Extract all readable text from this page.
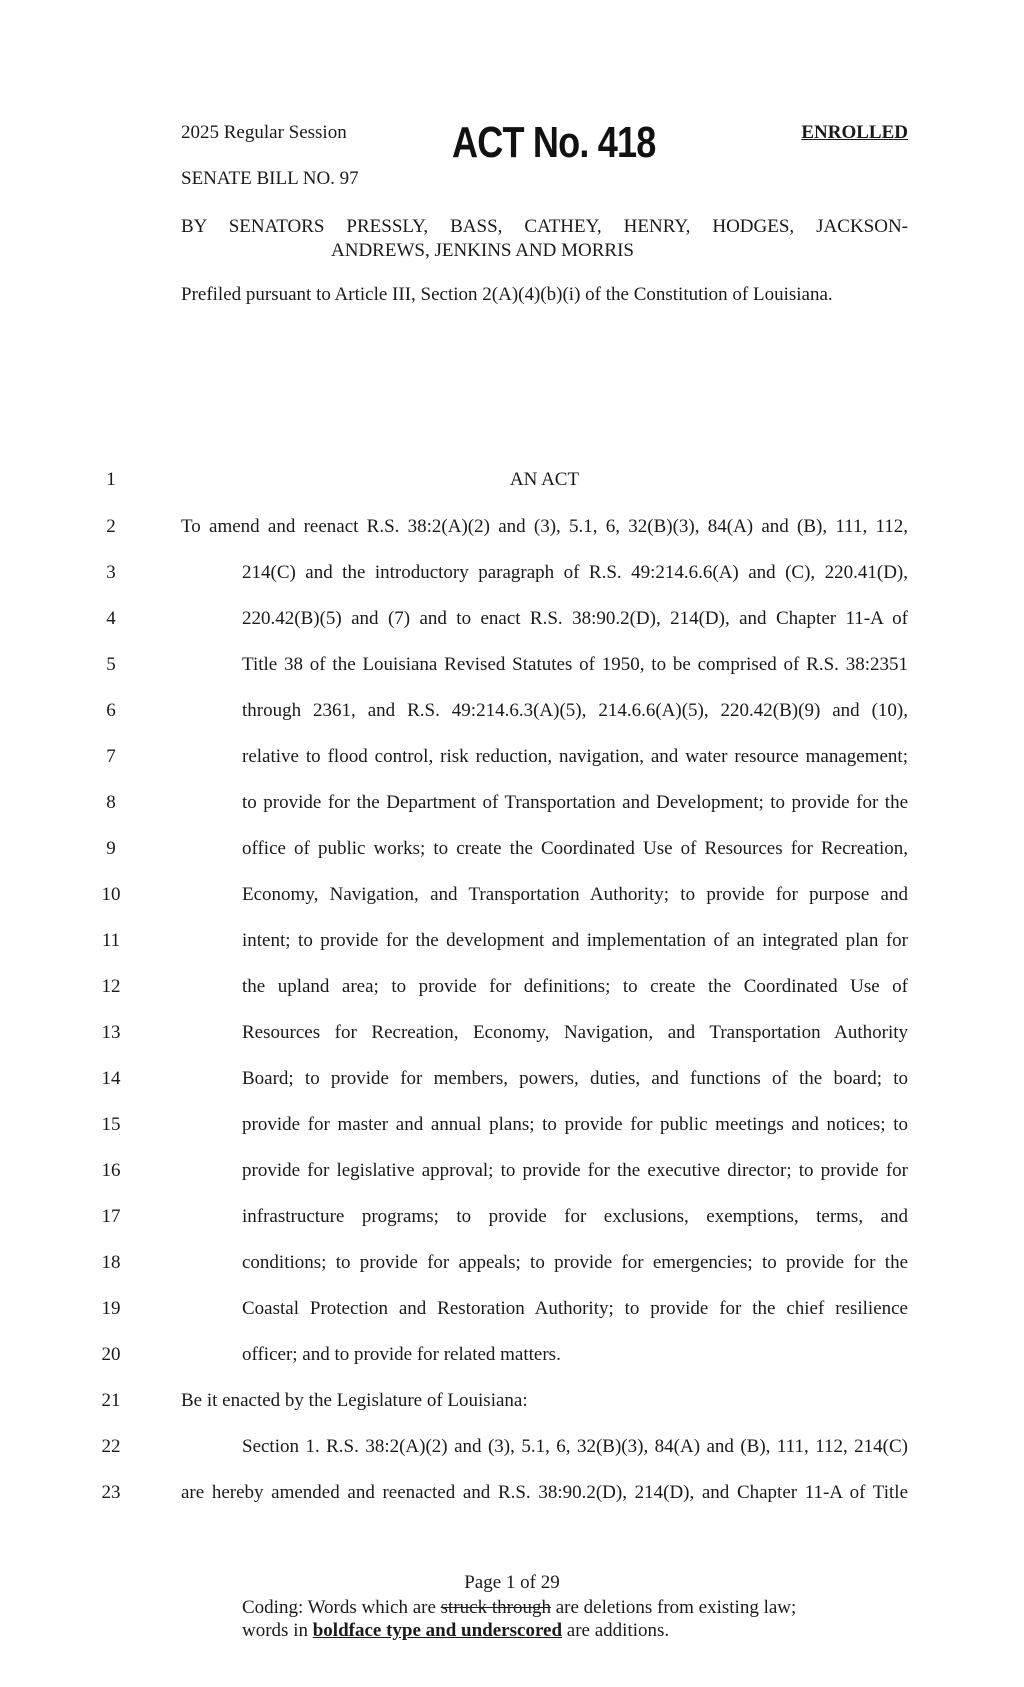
2025 Regular Session ACT No. 418	ENROLLED
SENATE BILL NO. 97
BY SENATORS PRESSLY, BASS, CATHEY, HENRY, HODGES, JACKSON-
ANDREWS, JENKINS AND MORRIS
Prefiled pursuant to Article III, Section 2(A)(4)(b)(i) of the Constitution of Louisiana.
1	AN ACT
2	To amend and reenact R.S. 38:2(A)(2) and (3), 5.1, 6, 32(B)(3), 84(A) and (B), 111, 112,
3	214(C) and the introductory paragraph of R.S. 49:214.6.6(A) and (C), 220.41(D),
4	220.42(B)(5) and (7) and to enact R.S. 38:90.2(D), 214(D), and Chapter 11-A of
5	Title 38 of the Louisiana Revised Statutes of 1950, to be comprised of R.S. 38:2351
6	through 2361, and R.S. 49:214.6.3(A)(5), 214.6.6(A)(5), 220.42(B)(9) and (10),
7	relative to flood control, risk reduction, navigation, and water resource management;
8	to provide for the Department of Transportation and Development; to provide for the
9	office of public works; to create the Coordinated Use of Resources for Recreation,
10	Economy, Navigation, and Transportation Authority; to provide for purpose and
11	intent; to provide for the development and implementation of an integrated plan for
12	the upland area; to provide for definitions; to create the Coordinated Use of
13	Resources for Recreation, Economy, Navigation, and Transportation Authority
14	Board; to provide for members, powers, duties, and functions of the board; to
15	provide for master and annual plans; to provide for public meetings and notices; to
16	provide for legislative approval; to provide for the executive director; to provide for
17	infrastructure programs; to provide for exclusions, exemptions, terms, and
18	conditions; to provide for appeals; to provide for emergencies; to provide for the
19	Coastal Protection and Restoration Authority; to provide for the chief resilience
20	officer; and to provide for related matters.
21	Be it enacted by the Legislature of Louisiana:
22	Section 1. R.S. 38:2(A)(2) and (3), 5.1, 6, 32(B)(3), 84(A) and (B), 111, 112, 214(C)
23	are hereby amended and reenacted and R.S. 38:90.2(D), 214(D), and Chapter 11-A of Title
Page 1 of 29
Coding: Words which are struck through are deletions from existing law;
words in boldface type and underscored are additions.
